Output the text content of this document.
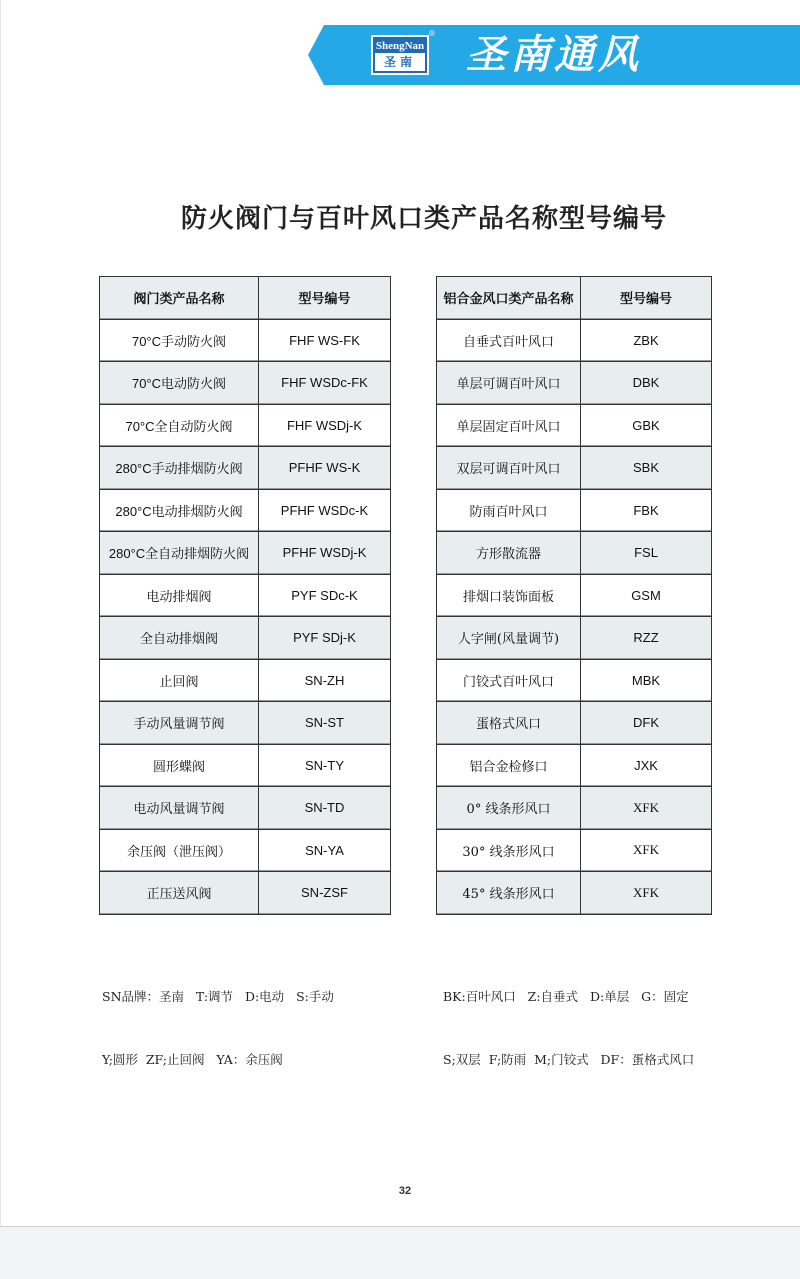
ShengNan
圣南
® 圣南通风
防火阀门与百叶风口类产品名称型号编号
阀门类产品名称	型号编号
70°C手动防火阀	FHF WS-FK
70°C电动防火阀	FHF WSDc-FK
70°C全自动防火阀	FHF WSDj-K
280°C手动排烟防火阀	PFHF WS-K
280°C电动排烟防火阀	PFHF WSDc-K
280°C全自动排烟防火阀	PFHF WSDj-K
电动排烟阀	PYF SDc-K
全自动排烟阀	PYF SDj-K
止回阀	SN-ZH
手动风量调节阀	SN-ST
圆形蝶阀	SN-TY
电动风量调节阀	SN-TD
余压阀（泄压阀）	SN-YA
正压送风阀	SN-ZSF
铝合金风口类产品名称	型号编号
自垂式百叶风口	ZBK
单层可调百叶风口	DBK
单层固定百叶风口	GBK
双层可调百叶风口	SBK
防雨百叶风口	FBK
方形散流器	FSL
排烟口装饰面板	GSM
人字闸(风量调节)	RZZ
门铰式百叶风口	MBK
蛋格式风口	DFK
铝合金检修口	JXK
0° 线条形风口	XFK
30° 线条形风口	XFK
45° 线条形风口	XFK

SN品牌：圣南   T:调节   D:电动   S:手动

Y;圆形  ZF;止回阀   YA：余压阀

BK:百叶风口   Z:自垂式   D:单层   G：固定

S;双层  F;防雨  M;门铰式   DF：蛋格式风口

32
